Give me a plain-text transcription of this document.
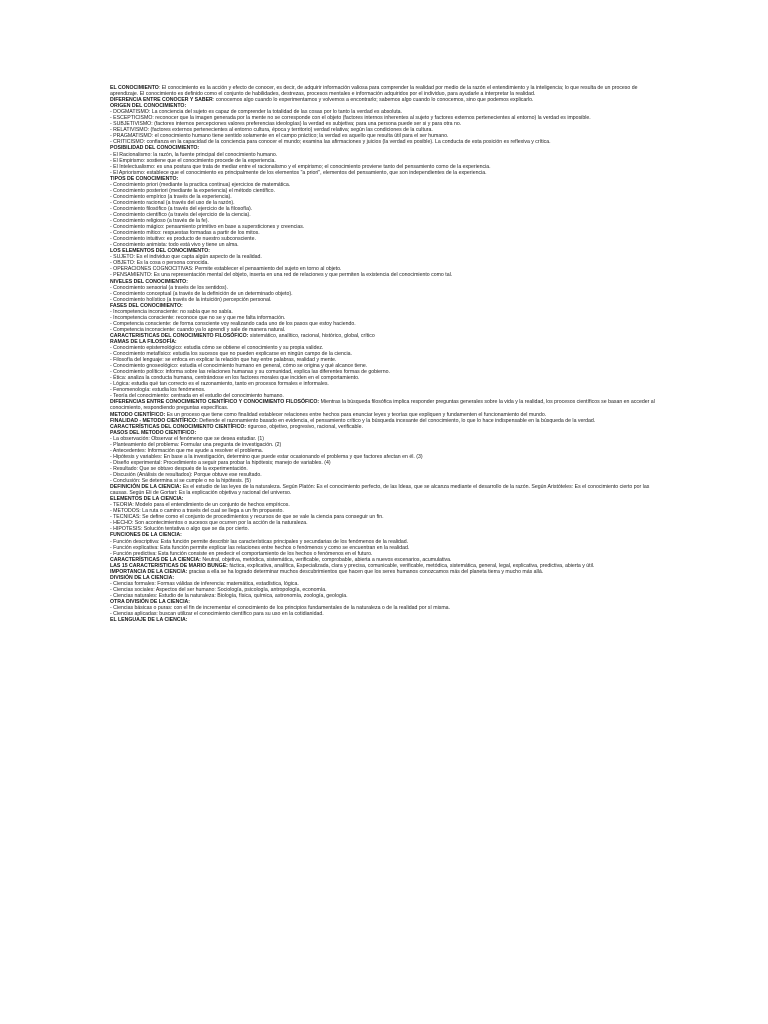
EL CONOCIMIENTO: El conocimiento es la acción y efecto de conocer, es decir, de adquirir información valiosa para comprender la realidad por medio de la razón el entendimiento y la inteligencia; lo que resulta de un proceso de aprendizaje. El conocimiento es definido como el conjunto de habilidades, destrezas, procesos mentales e información adquiridos por el individuo, para ayudarle a interpretar la realidad.

DIFERENCIA ENTRE CONOCER Y SABER: conocemos algo cuando lo experimentamos y volvemos a encontrarlo; sabemos algo cuando lo conocemos, sino que podemos explicarlo.

ORIGEN DEL CONOCIMIENTO:

- DOGMATISMO: La conciencia del sujeto es capaz de comprender la totalidad de las cosas por lo tanto la verdad es absoluta.

- ESCEPTICISMO: reconocer que la imagen generada por la mente no se corresponde con el objeto (factores internos inherentes al sujeto y factores externos pertenecientes al entorno) la verdad es imposible.

- SUBJETIVISMO: (factores internos percepciones valores preferencias ideologías) la verdad es subjetiva; para una persona puede ser si y para otra no.

- RELATIVISMO: (factores externos pertenecientes al entorno cultura, época y territorio) verdad relativa; según las condiciones de la cultura.

- PRAGMATISMO: el conocimiento humano tiene sentido solamente en el campo práctico; la verdad es aquello que resulta útil para el ser humano.

- CRITICISMO: confianza en la capacidad de la conciencia para conocer el mundo; examina las afirmaciones y juicios (la verdad es posible). La conducta de esta posición es reflexiva y crítica.

POSIBILIDAD DEL CONOCIMIENTO:

- El Racionalismo: la razón, la fuente principal del conocimiento humano.

- El Empirismo: sostiene que el conocimiento procede de la experiencia.

- El Intelectualismo: es una postura que trata de mediar entre el racionalismo y el empirismo; el conocimiento proviene tanto del pensamiento como de la experiencia.

- El Apriorismo: establece que el conocimiento es principalmente de los elementos "a priori", elementos del pensamiento, que son independientes de la experiencia.

TIPOS DE CONOCIMIENTO:

- Conocimiento priori (mediante la practica continua) ejercicios de matemática.

- Conocimiento posteriori (mediante la experiencia) el método científico.

- Conocimiento empírico (a través de la experiencia).

- Conocimiento racional (a través del uso de la razón).

- Conocimiento filosófico (a través del ejercicio de la filosofía).

- Conocimiento científico (a través del ejercicio de la ciencia).

- Conocimiento religioso (a través de la fe).

- Conocimiento mágico: pensamiento primitivo en base a supersticiones y creencias.

- Conocimiento mítico: respuestas formadas a partir de los mitos.

- Conocimiento intuitivo: es producto de nuestro subconsciente.

- Conocimiento animista: todo está vivo y tiene un alma.

LOS ELEMENTOS DEL CONOCIMIENTO:

- SUJETO: Es el individuo que capta algún aspecto de la realidad.

- OBJETO: Es la cosa o persona conocida.

- OPERACIONES COGNOCITIVAS: Permite establecer el pensamiento del sujeto en torno al objeto.

- PENSAMIENTO: Es una representación mental del objeto, inserta en una red de relaciones y que permiten la existencia del conocimiento como tal.

NIVELES DEL CONOCIMIENTO:

- Conocimiento sensorial (a través de los sentidos).

- Conocimiento conceptual (a través de la definición de un determinado objeto).

- Conocimiento holístico (a través de la intuición) percepción personal.

FASES DEL CONOCIMIENTO:

- Incompetencia inconsciente: no sabía que no sabía.

- Incompetencia consciente: reconoce que no se y que me falta información.

- Competencia consciente: de forma consciente voy realizando cada uno de los pasos que estoy haciendo.

- Competencia inconsciente: cuando ya lo aprendí y sale de manera natural.

CARACTERISTICAS DEL CONOCIMIENTO FILOSÓFICO: sistemático, analítico, racional, histórico, global, crítico

RAMAS DE LA FILOSOFÍA:

- Conocimiento epistemológico: estudia cómo se obtiene el conocimiento y su propia validez.

- Conocimiento metafísico: estudia los sucesos que no pueden explicarse en ningún campo de la ciencia.

- Filosofía del lenguaje: se enfoca en explicar la relación que hay entre palabras, realidad y mente.

- Conocimiento gnoseológico: estudia el conocimiento humano en general, cómo se origina y qué alcance tiene.

- Conocimiento político: informa sobre las relaciones humanas y su comunidad, explica las diferentes formas de gobierno.

- Ética: analiza la conducta humana, centrándose en los factores morales que inciden en el comportamiento.

- Lógica: estudia qué tan correcto es el razonamiento, tanto en procesos formales e informales.

- Fenomenología: estudia los fenómenos.

- Teoría del conocimiento: centrada en el estudio del conocimiento humano.

DIFERENCIAS ENTRE CONOCIMIENTO CIENTÍFICO Y CONOCIMIENTO FILOSÓFICO: Mientras la búsqueda filosófica implica responder preguntas generales sobre la vida y la realidad, los procesos científicos se basan en acceder al conocimiento, respondiendo preguntas específicas.

METODO CIENTÍFICO: Es un proceso que tiene como finalidad establecer relaciones entre hechos para enunciar leyes y teorías que expliquen y fundamenten el funcionamiento del mundo.

FINALIDAD - METODO CIENTÍFICO: Defiende el razonamiento basado en evidencia, el pensamiento crítico y la búsqueda incesante del conocimiento, lo que lo hace indispensable en la búsqueda de la verdad.

CARACTERÍSTICAS DEL CONOCIMIENTO CIENTÍFICO: riguroso, objetivo, progresivo, racional, verificable.

PASOS DEL METODO CIENTIFICO:

- La observación: Observar el fenómeno que se desea estudiar. (1)

- Planteamiento del problema: Formular una pregunta de investigación. (2)

- Antecedentes: Información que me ayude a resolver el problema.

- Hipótesis y variables: En base a la investigación, determino que puede estar ocasionando el problema y que factores afectan en él. (3)

- Diseño experimental: Procedimiento a seguir para probar la hipótesis; manejo de variables. (4)

- Resultado: Que se obtuvo después de la experimentación.

- Discusión (Análisis de resultados): Porque obtuve ese resultado.

- Conclusión: Se determina si se cumple o no la hipótesis. (5)

DEFINICIÓN DE LA CIENCIA: Es el estudio de las leyes de la naturaleza. Según Platón: Es el conocimiento perfecto, de las Ideas, que se alcanza mediante el desarrollo de la razón. Según Aristóteles: Es el conocimiento cierto por las causas. Según Eli de Gortari: Es la explicación objetiva y racional del universo.

ELEMENTOS DE LA CIENCIA:

- TEORIA: Modelo para el entendimiento de un conjunto de hechos empíricos.

- METODOS: La ruta o camino a través del cual se llega a un fin propuesto.

- TECNICAS: Se define como el conjunto de procedimientos y recursos de que se vale la ciencia para conseguir un fin.

- HECHO: Son acontecimientos o sucesos que ocurren por la acción de la naturaleza.

- HIPOTESIS: Solución tentativa o algo que se da por cierto.

FUNCIONES DE LA CIENCIA:

- Función descriptiva: Esta función permite describir las características principales y secundarias de los fenómenos de la realidad.

- Función explicativa: Esta función permite explicar las relaciones entre hechos o fenómenos y como se encuentran en la realidad.

- Función predictiva: Esta función consiste en predecir el comportamiento de los hechos o fenómenos en el futuro.

CARACTERÍSTICAS DE LA CIENCIA: Neutral, objetiva, metódica, sistemática, verificable, comprobable, abierta a nuevos escenarios, acumulativa.

LAS 15 CARACTERISTICAS DE MARIO BUNGE: fáctica, explicativa, analítica, Especializada, clara y precisa, comunicable, verificable, metódica, sistemática, general, legal, explicativa, predictiva, abierta y útil.

IMPORTANCIA DE LA CIENCIA: gracias a ella se ha logrado determinar muchos descubrimientos que hacen que los seres humanos conozcamos más del planeta tierra y mucho más allá.

DIVISIÓN DE LA CIENCIA:

- Ciencias formales: Formas válidas de inferencia: matemática, estadística, lógica.

- Ciencias sociales: Aspectos del ser humano: Sociología, psicología, antropología, economía.

- Ciencias naturales: Estudio de la naturaleza: Biología, física, química, astronomía, zoología, geología.

OTRA DIVISIÓN DE LA CIENCIA:

- Ciencias básicas o puras: con el fin de incrementar el conocimiento de los principios fundamentales de la naturaleza o de la realidad por sí misma.

- Ciencias aplicadas: buscan utilizar el conocimiento científico para su uso en la cotidianidad.

EL LENGUAJE DE LA CIENCIA:
